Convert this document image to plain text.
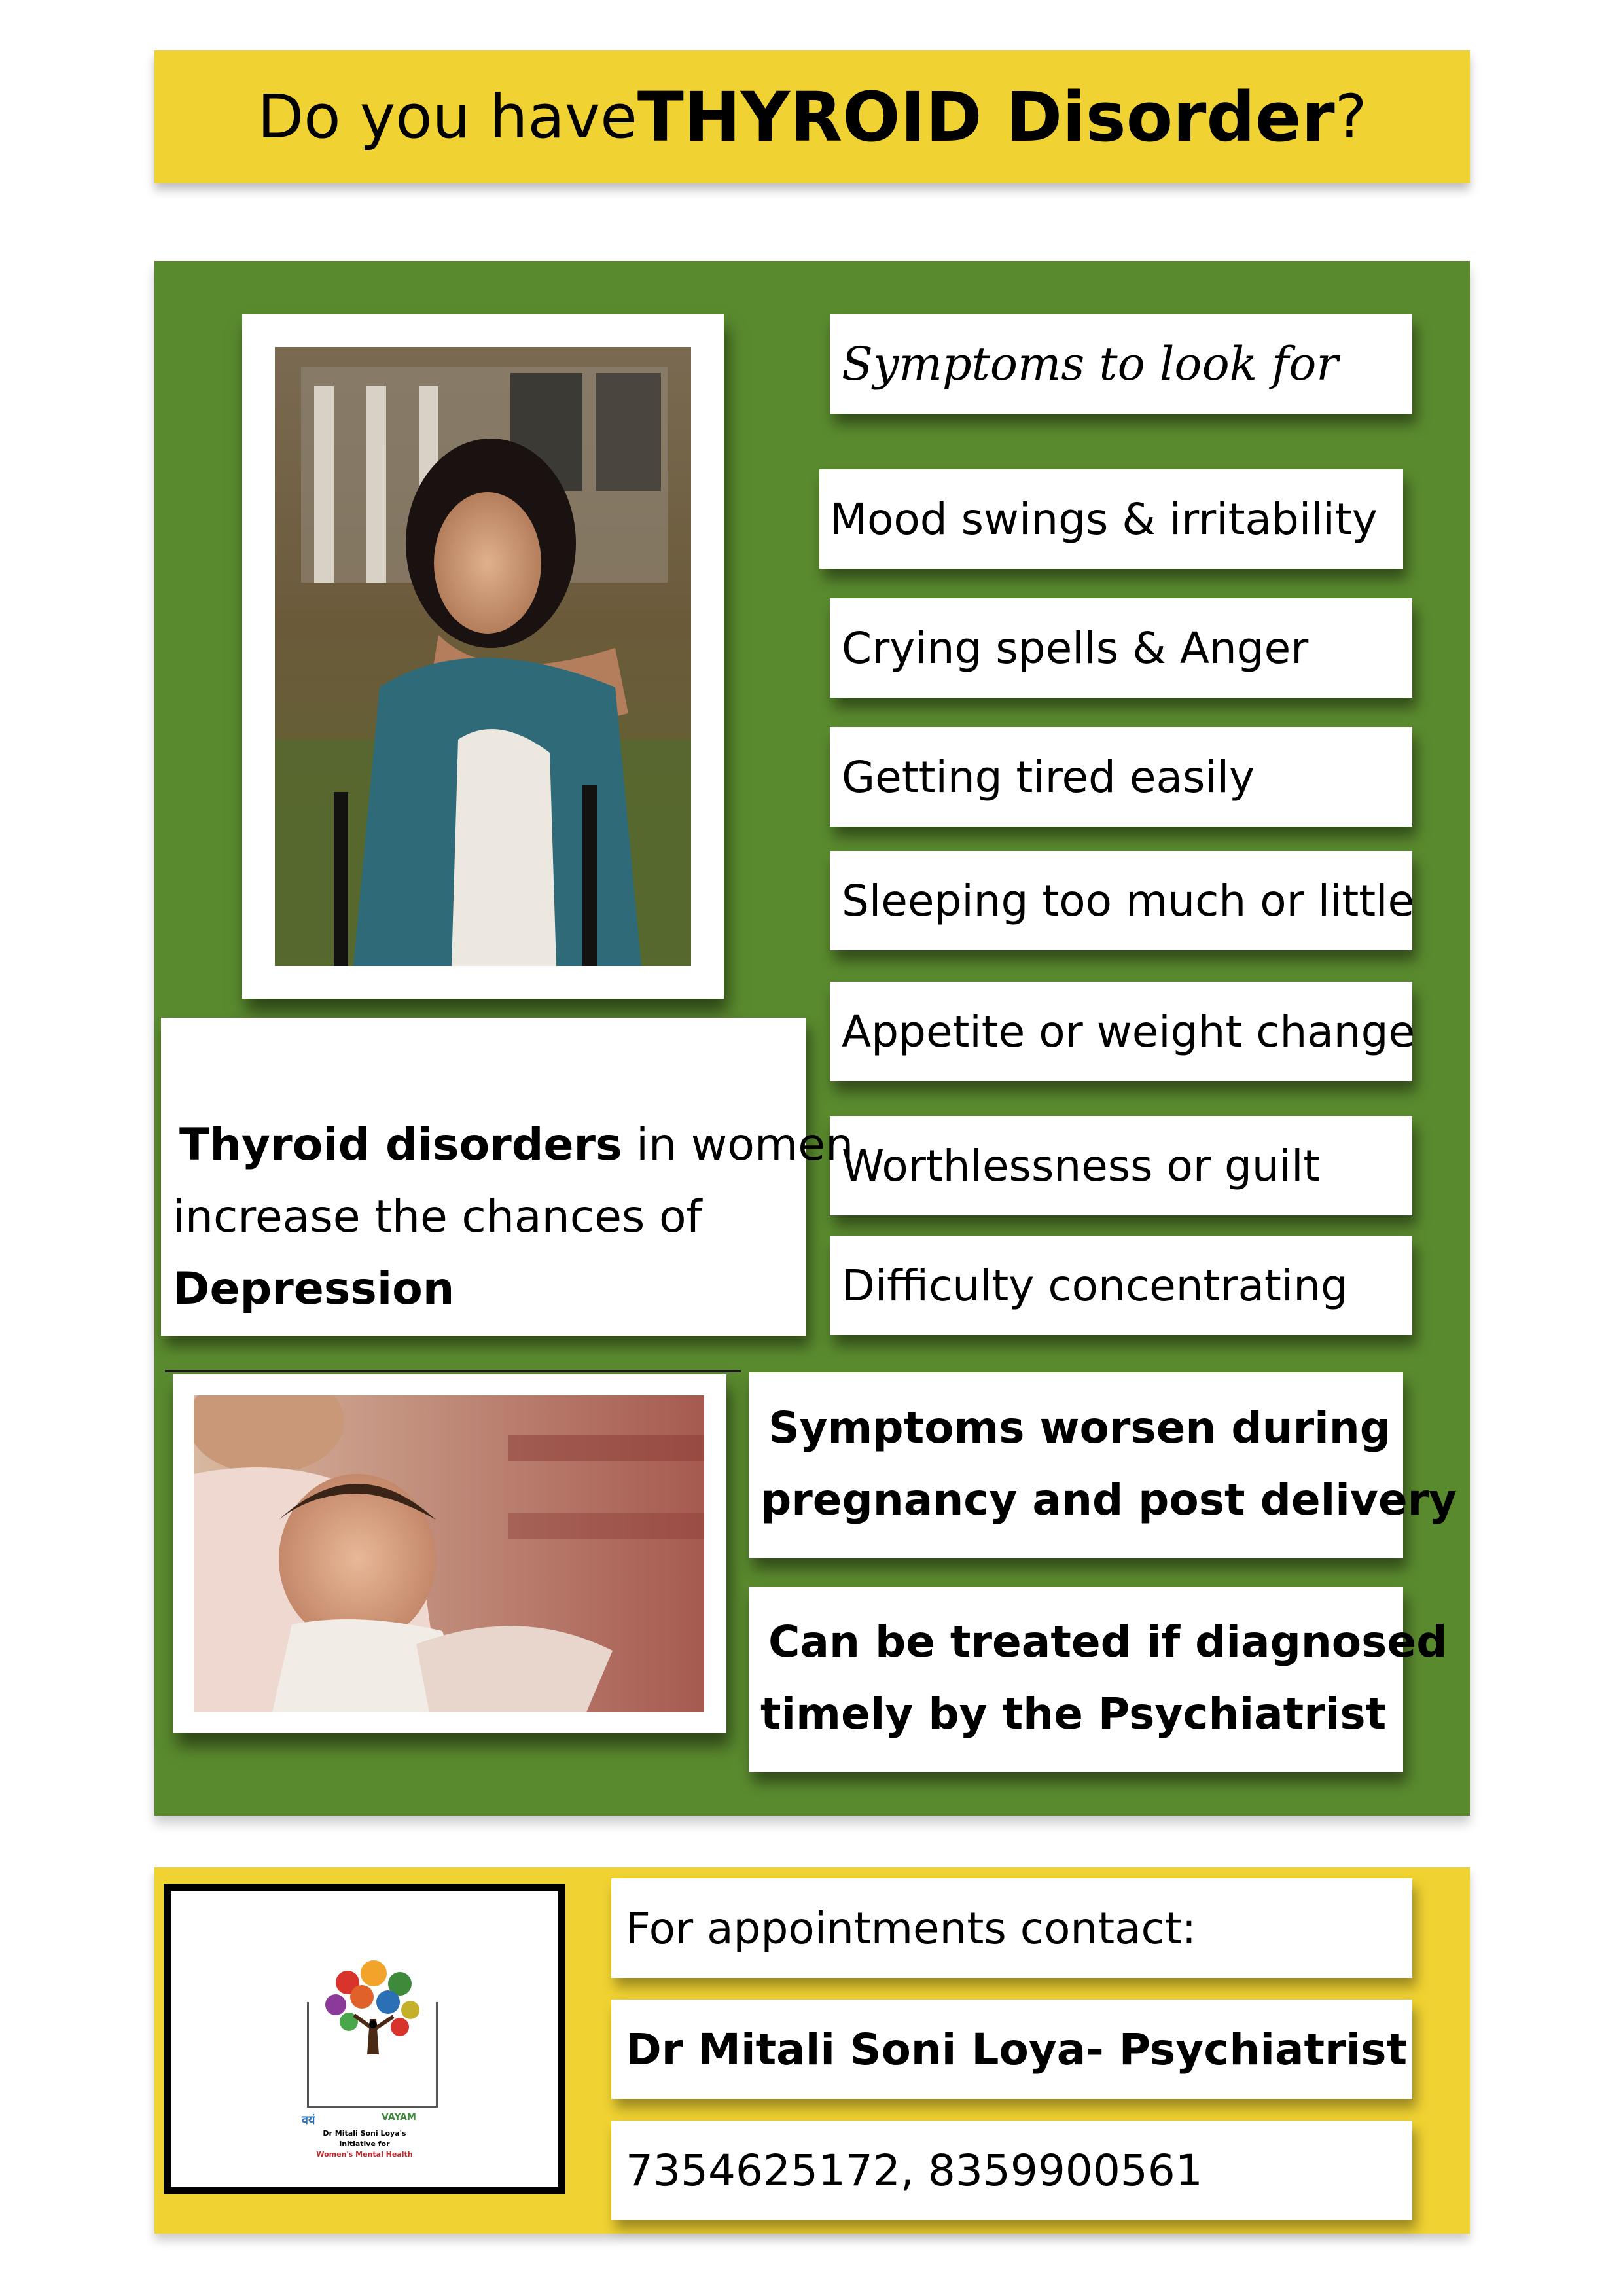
Do you have THYROID Disorder ?
Symptoms to look for
Mood swings & irritability
Crying spells & Anger
Getting tired easily
Sleeping too much or little
Appetite or weight change
Worthlessness or guilt
Difficulty concentrating
Thyroid disorders in women
increase the chances of
Depression
Symptoms worsen during
pregnancy and post delivery
Can be treated if diagnosed
timely by the Psychiatrist
वयं	VAYAM
Dr Mitali Soni Loya's
initiative for
Women's Mental Health
For appointments contact:
Dr Mitali Soni Loya- Psychiatrist
7354625172, 8359900561
